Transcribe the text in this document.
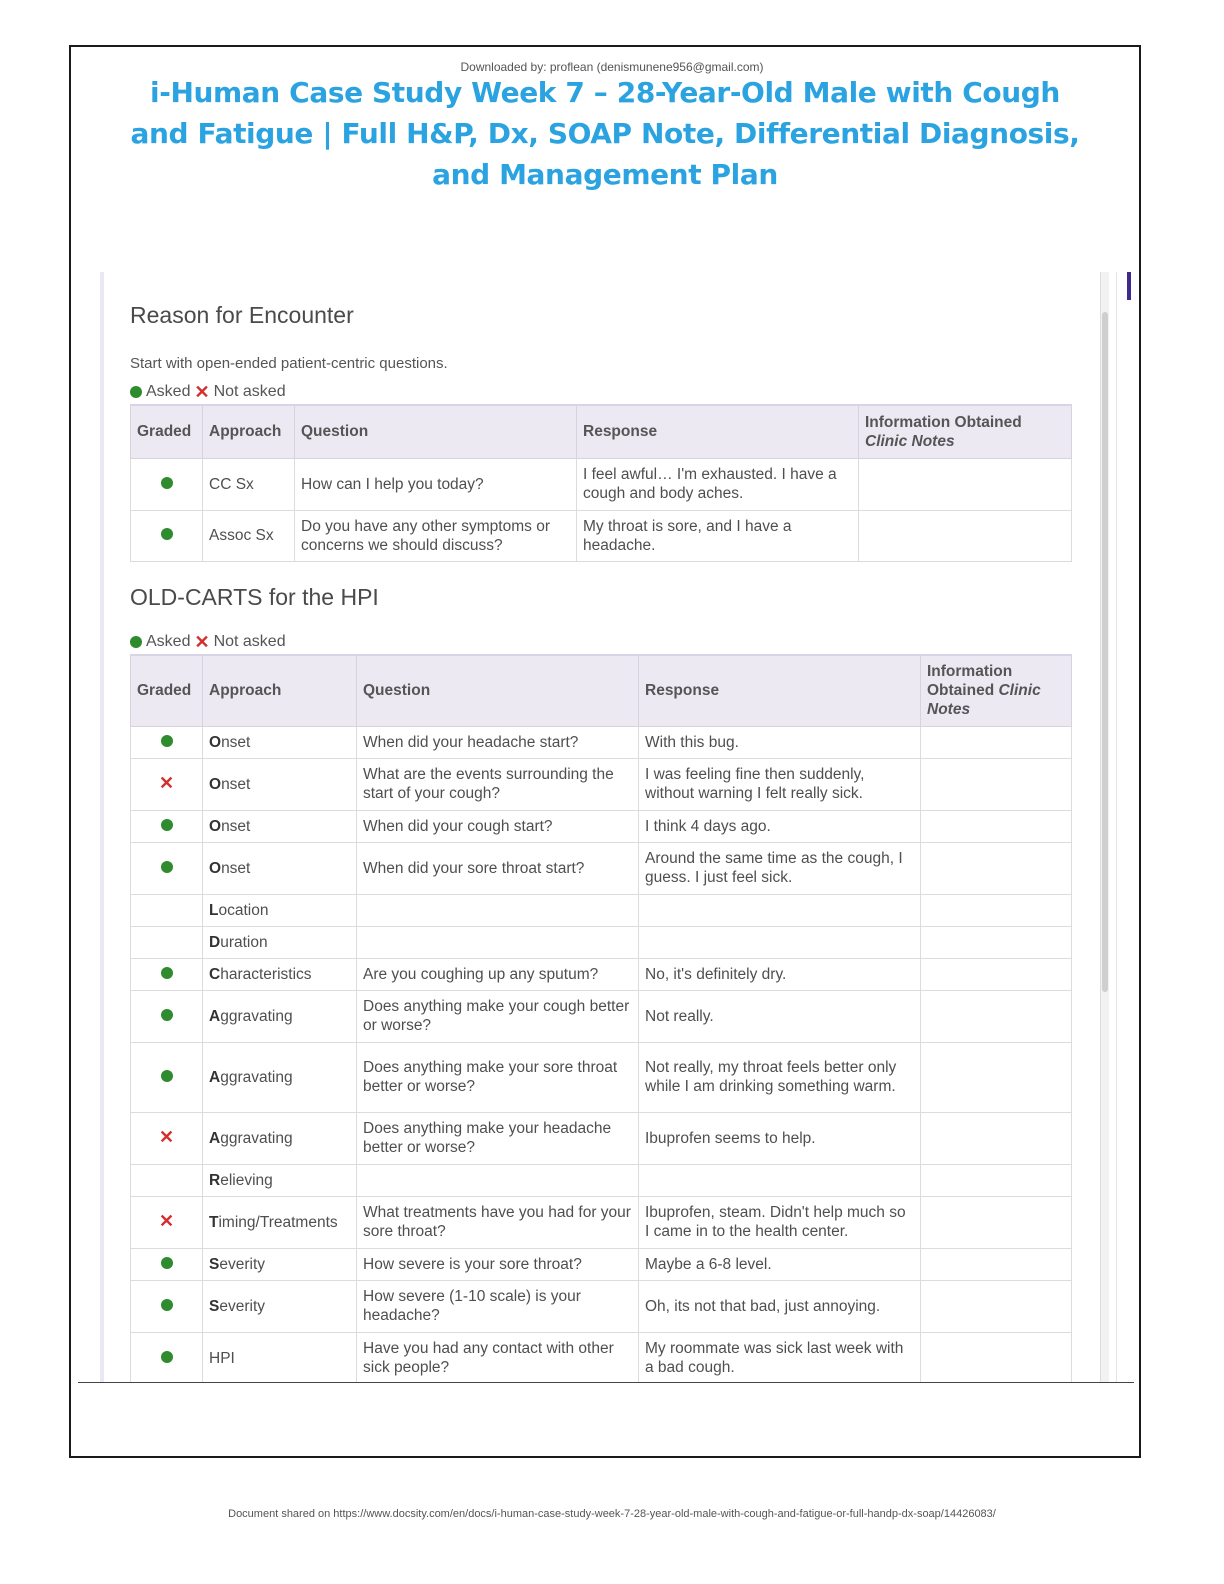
Downloaded by: proflean (denismunene956@gmail.com)
i-Human Case Study Week 7 – 28-Year-Old Male with Cough
and Fatigue | Full H&P, Dx, SOAP Note, Differential Diagnosis,
and Management Plan
Reason for Encounter
Start with open-ended patient-centric questions.
Asked ✕ Not asked
Graded	Approach	Question	Response	Information Obtained
Clinic Notes
	CC Sx	How can I help you today?	I feel awful… I'm exhausted. I have a cough and body aches.	
	Assoc Sx	Do you have any other symptoms or concerns we should discuss?	My throat is sore, and I have a headache.	
OLD-CARTS for the HPI
Asked ✕ Not asked
Graded	Approach	Question	Response	Information Obtained Clinic Notes
	Onset	When did your headache start?	With this bug.	
✕	Onset	What are the events surrounding the start of your cough?	I was feeling fine then suddenly, without warning I felt really sick.	
	Onset	When did your cough start?	I think 4 days ago.	
	Onset	When did your sore throat start?	Around the same time as the cough, I guess. I just feel sick.	
	Location			
	Duration			
	Characteristics	Are you coughing up any sputum?	No, it's definitely dry.	
	Aggravating	Does anything make your cough better or worse?	Not really.	
	Aggravating	Does anything make your sore throat better or worse?	Not really, my throat feels better only while I am drinking something warm.	
✕	Aggravating	Does anything make your headache better or worse?	Ibuprofen seems to help.	
	Relieving			
✕	Timing/Treatments	What treatments have you had for your sore throat?	Ibuprofen, steam. Didn't help much so I came in to the health center.	
	Severity	How severe is your sore throat?	Maybe a 6-8 level.	
	Severity	How severe (1-10 scale) is your headache?	Oh, its not that bad, just annoying.	
	HPI	Have you had any contact with other sick people?	My roommate was sick last week with a bad cough.	
Document shared on https://www.docsity.com/en/docs/i-human-case-study-week-7-28-year-old-male-with-cough-and-fatigue-or-full-handp-dx-soap/14426083/
